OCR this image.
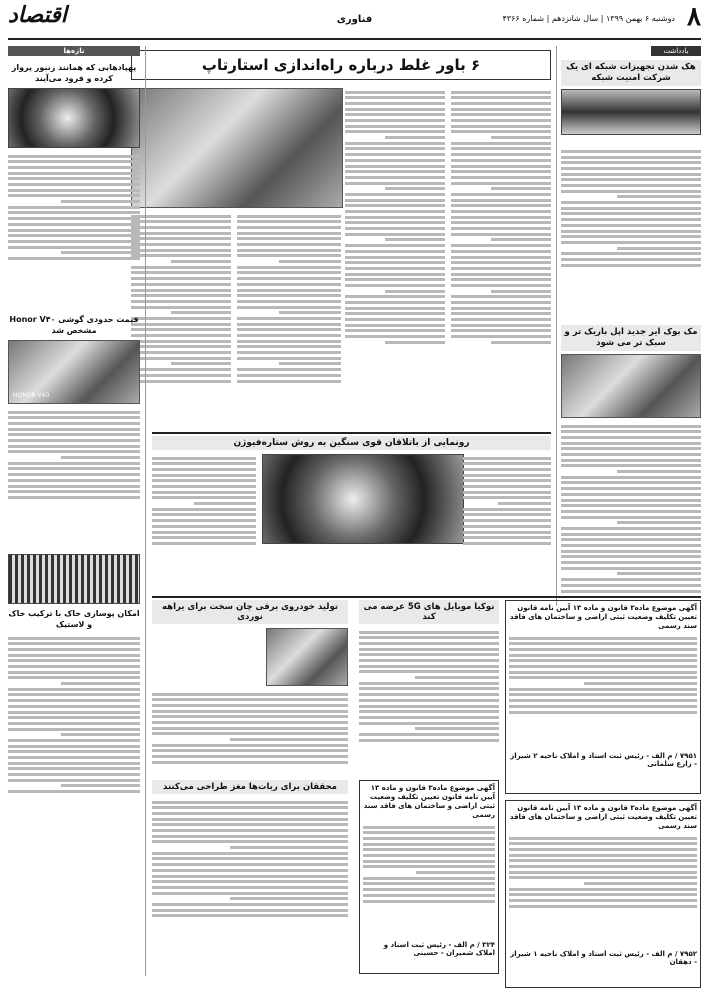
۸
دوشنبه ۶ بهمن ۱۳۹۹ | سال شانزدهم | شماره ۴۳۶۶
فناوری
اقتصاد
یادداشت
هک شدن تجهیزات شبکه ای یک شرکت امنیت شبکه
مک بوک ایر جدید اپل باریک تر و سبک تر می شود
۶ باور غلط درباره راه‌اندازی استارتاپ
تازه‌ها
پهپادهایی که همانند زنبور پرواز کرده و فرود می‌آیند
قیمت حدودی گوشی Honor V۴۰ مشخص شد
HONOR V40
امکان پوسازی خاک با ترکیب خاک و لاستیک
رونمایی از باتلاقان قوی سنگین به روش ستاره‌فیوژن
آگهی موضوع ماده۳ قانون و ماده ۱۳ آیین نامه قانون تعیین تکلیف وضعیت ثبتی اراضی و ساختمان های فاقد سند رسمی
۷۹۵۱ / م الف - رئیس ثبت اسناد و املاک ناحیه ۲ شیراز - زارع سلمانی
آگهی موضوع ماده۳ قانون و ماده ۱۳ آیین نامه قانون تعیین تکلیف وضعیت ثبتی اراضی و ساختمان های فاقد سند رسمی
۷۹۵۲ / م الف - رئیس ثبت اسناد و املاک ناحیه ۱ شیراز - دهقان
نوکیا موبایل های 5G عرضه می کند
تولید خودروی برقی چان سخت برای یراهه نوردی
آگهی موضوع ماده۳ قانون و ماده ۱۳ آیین نامه قانون تعیین تکلیف وضعیت ثبتی اراضی و ساختمان های فاقد سند رسمی
۳۲۴ / م الف - رئیس ثبت اسناد و املاک شمیران - حسینی
محققان برای ربات‌ها مغز طراحی می‌کنند
